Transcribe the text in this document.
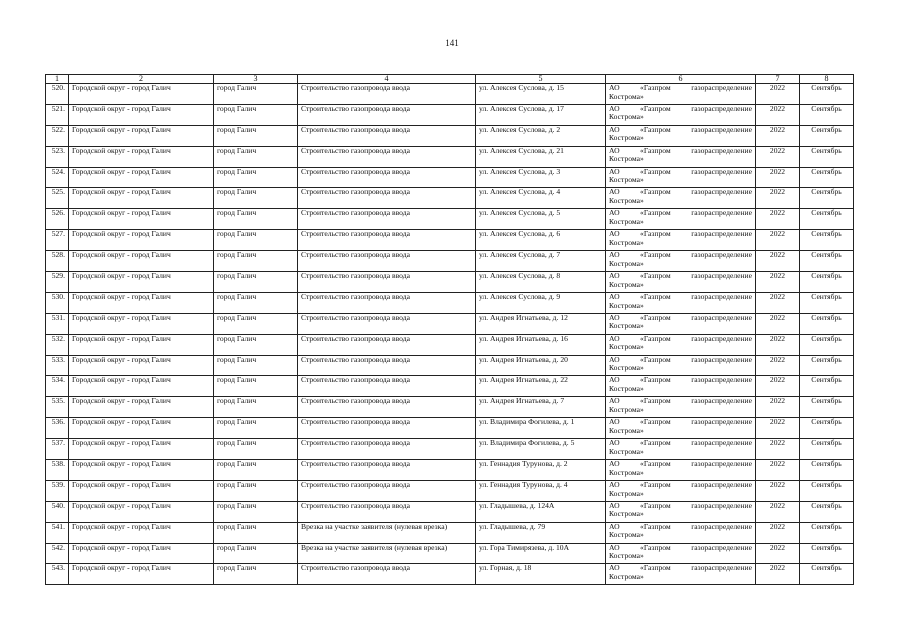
141
1	2	3	4	5	6	7	8
520.	Городской округ - город Галич	город Галич	Строительство газопровода ввода	ул. Алексея Суслова, д. 15	АО «Газпром газораспределение
Кострома»	2022	Сентябрь
521.	Городской округ - город Галич	город Галич	Строительство газопровода ввода	ул. Алексея Суслова, д. 17	АО «Газпром газораспределение
Кострома»	2022	Сентябрь
522.	Городской округ - город Галич	город Галич	Строительство газопровода ввода	ул. Алексея Суслова, д. 2	АО «Газпром газораспределение
Кострома»	2022	Сентябрь
523.	Городской округ - город Галич	город Галич	Строительство газопровода ввода	ул. Алексея Суслова, д. 21	АО «Газпром газораспределение
Кострома»	2022	Сентябрь
524.	Городской округ - город Галич	город Галич	Строительство газопровода ввода	ул. Алексея Суслова, д. 3	АО «Газпром газораспределение
Кострома»	2022	Сентябрь
525.	Городской округ - город Галич	город Галич	Строительство газопровода ввода	ул. Алексея Суслова, д. 4	АО «Газпром газораспределение
Кострома»	2022	Сентябрь
526.	Городской округ - город Галич	город Галич	Строительство газопровода ввода	ул. Алексея Суслова, д. 5	АО «Газпром газораспределение
Кострома»	2022	Сентябрь
527.	Городской округ - город Галич	город Галич	Строительство газопровода ввода	ул. Алексея Суслова, д. 6	АО «Газпром газораспределение
Кострома»	2022	Сентябрь
528.	Городской округ - город Галич	город Галич	Строительство газопровода ввода	ул. Алексея Суслова, д. 7	АО «Газпром газораспределение
Кострома»	2022	Сентябрь
529.	Городской округ - город Галич	город Галич	Строительство газопровода ввода	ул. Алексея Суслова, д. 8	АО «Газпром газораспределение
Кострома»	2022	Сентябрь
530.	Городской округ - город Галич	город Галич	Строительство газопровода ввода	ул. Алексея Суслова, д. 9	АО «Газпром газораспределение
Кострома»	2022	Сентябрь
531.	Городской округ - город Галич	город Галич	Строительство газопровода ввода	ул. Андрея Игнатьева, д. 12	АО «Газпром газораспределение
Кострома»	2022	Сентябрь
532.	Городской округ - город Галич	город Галич	Строительство газопровода ввода	ул. Андрея Игнатьева, д. 16	АО «Газпром газораспределение
Кострома»	2022	Сентябрь
533.	Городской округ - город Галич	город Галич	Строительство газопровода ввода	ул. Андрея Игнатьева, д. 20	АО «Газпром газораспределение
Кострома»	2022	Сентябрь
534.	Городской округ - город Галич	город Галич	Строительство газопровода ввода	ул. Андрея Игнатьева, д. 22	АО «Газпром газораспределение
Кострома»	2022	Сентябрь
535.	Городской округ - город Галич	город Галич	Строительство газопровода ввода	ул. Андрея Игнатьева, д. 7	АО «Газпром газораспределение
Кострома»	2022	Сентябрь
536.	Городской округ - город Галич	город Галич	Строительство газопровода ввода	ул. Владимира Фогилева, д. 1	АО «Газпром газораспределение
Кострома»	2022	Сентябрь
537.	Городской округ - город Галич	город Галич	Строительство газопровода ввода	ул. Владимира Фогилева, д. 5	АО «Газпром газораспределение
Кострома»	2022	Сентябрь
538.	Городской округ - город Галич	город Галич	Строительство газопровода ввода	ул. Геннадия Турунова, д. 2	АО «Газпром газораспределение
Кострома»	2022	Сентябрь
539.	Городской округ - город Галич	город Галич	Строительство газопровода ввода	ул. Геннадия Турунова, д. 4	АО «Газпром газораспределение
Кострома»	2022	Сентябрь
540.	Городской округ - город Галич	город Галич	Строительство газопровода ввода	ул. Гладышева, д. 124А	АО «Газпром газораспределение
Кострома»	2022	Сентябрь
541.	Городской округ - город Галич	город Галич	Врезка на участке заявителя (нулевая врезка)	ул. Гладышева, д. 79	АО «Газпром газораспределение
Кострома»	2022	Сентябрь
542.	Городской округ - город Галич	город Галич	Врезка на участке заявителя (нулевая врезка)	ул. Гора Тимирязева, д. 10А	АО «Газпром газораспределение
Кострома»	2022	Сентябрь
543.	Городской округ - город Галич	город Галич	Строительство газопровода ввода	ул. Горная, д. 18	АО «Газпром газораспределение
Кострома»	2022	Сентябрь
